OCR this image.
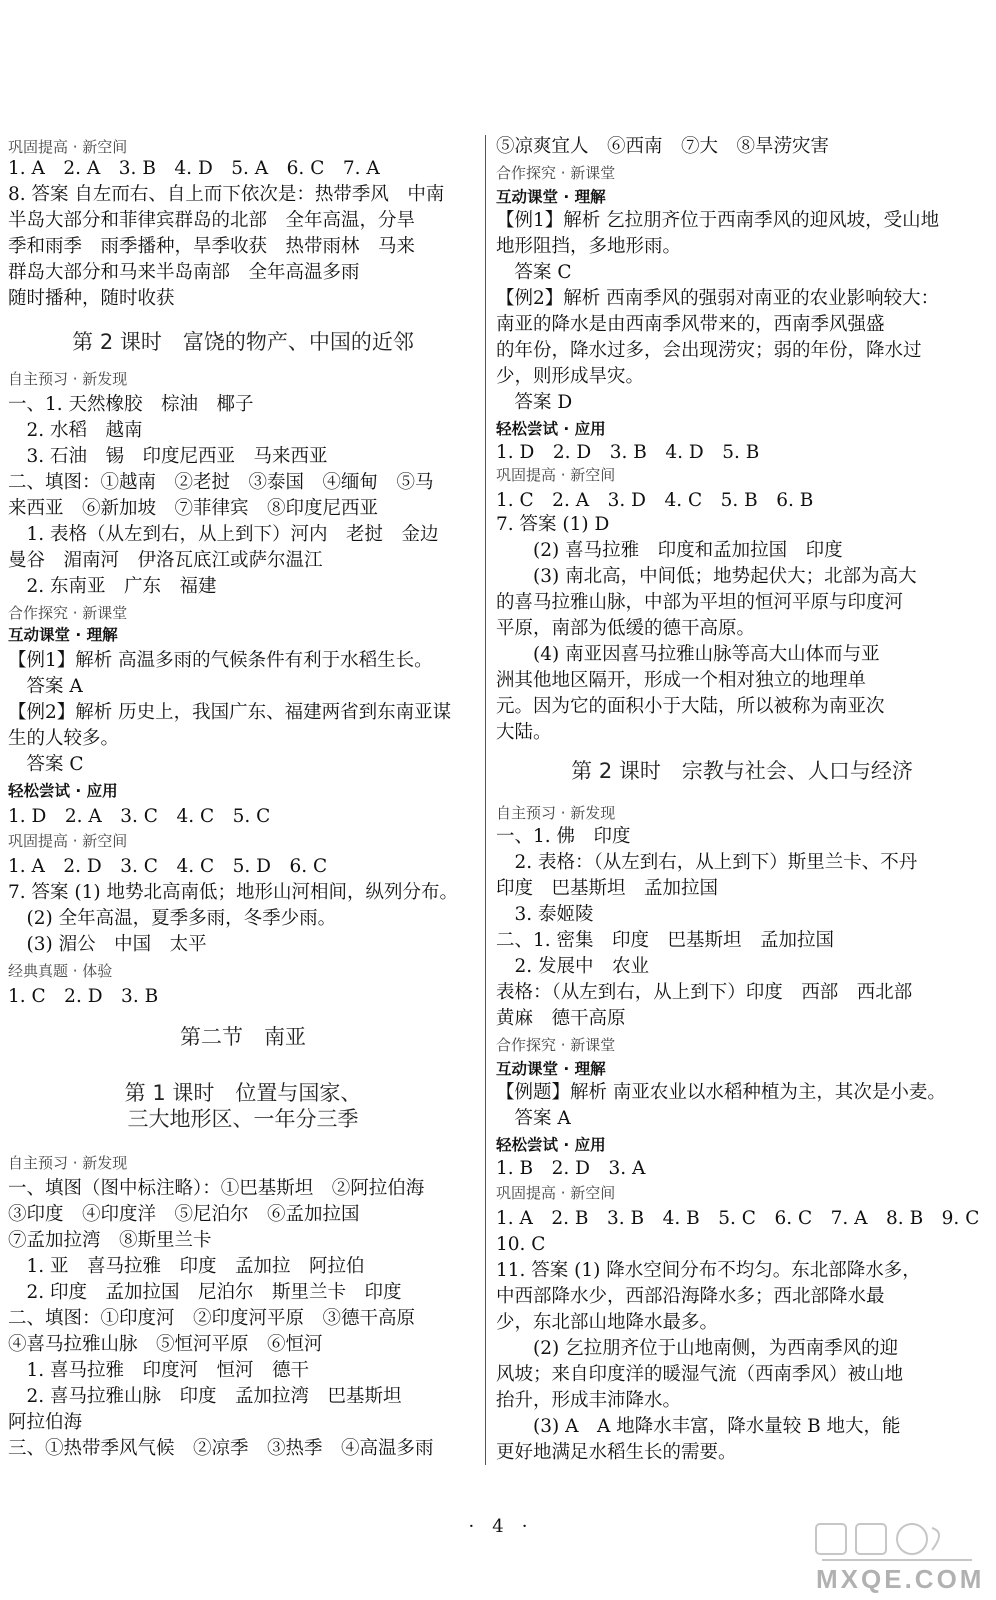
巩固提高 · 新空间
1. A　2. A　3. B　4. D　5. A　6. C　7. A
8. 答案 自左而右、自上而下依次是：热带季风　中南
半岛大部分和菲律宾群岛的北部　全年高温，分旱
季和雨季　雨季播种，旱季收获　热带雨林　马来
群岛大部分和马来半岛南部　全年高温多雨
随时播种，随时收获
第 2 课时　富饶的物产、中国的近邻
自主预习 · 新发现
一、1. 天然橡胶　棕油　椰子
　2. 水稻　越南
　3. 石油　锡　印度尼西亚　马来西亚
二、填图：①越南　②老挝　③泰国　④缅甸　⑤马
来西亚　⑥新加坡　⑦菲律宾　⑧印度尼西亚
　1. 表格（从左到右，从上到下）河内　老挝　金边
曼谷　湄南河　伊洛瓦底江或萨尔温江
　2. 东南亚　广东　福建
合作探究 · 新课堂
互动课堂 · 理解
【例1】解析 高温多雨的气候条件有利于水稻生长。
　答案 A
【例2】解析 历史上，我国广东、福建两省到东南亚谋
生的人较多。
　答案 C
轻松尝试 · 应用
1. D　2. A　3. C　4. C　5. C
巩固提高 · 新空间
1. A　2. D　3. C　4. C　5. D　6. C
7. 答案 (1) 地势北高南低；地形山河相间，纵列分布。
　(2) 全年高温，夏季多雨，冬季少雨。
　(3) 湄公　中国　太平
经典真题 · 体验
1. C　2. D　3. B
第二节　南亚
第 1 课时　位置与国家、
三大地形区、一年分三季
自主预习 · 新发现
一、填图（图中标注略）：①巴基斯坦　②阿拉伯海
③印度　④印度洋　⑤尼泊尔　⑥孟加拉国
⑦孟加拉湾　⑧斯里兰卡
　1. 亚　喜马拉雅　印度　孟加拉　阿拉伯
　2. 印度　孟加拉国　尼泊尔　斯里兰卡　印度
二、填图：①印度河　②印度河平原　③德干高原
④喜马拉雅山脉　⑤恒河平原　⑥恒河
　1. 喜马拉雅　印度河　恒河　德干
　2. 喜马拉雅山脉　印度　孟加拉湾　巴基斯坦
阿拉伯海
三、①热带季风气候　②凉季　③热季　④高温多雨
⑤凉爽宜人　⑥西南　⑦大　⑧旱涝灾害
合作探究 · 新课堂
互动课堂 · 理解
【例1】解析 乞拉朋齐位于西南季风的迎风坡，受山地
地形阻挡，多地形雨。
　答案 C
【例2】解析 西南季风的强弱对南亚的农业影响较大：
南亚的降水是由西南季风带来的，西南季风强盛
的年份，降水过多，会出现涝灾；弱的年份，降水过
少，则形成旱灾。
　答案 D
轻松尝试 · 应用
1. D　2. D　3. B　4. D　5. B
巩固提高 · 新空间
1. C　2. A　3. D　4. C　5. B　6. B
7. 答案 (1) D
　　(2) 喜马拉雅　印度和孟加拉国　印度
　　(3) 南北高，中间低；地势起伏大；北部为高大
的喜马拉雅山脉，中部为平坦的恒河平原与印度河
平原，南部为低缓的德干高原。
　　(4) 南亚因喜马拉雅山脉等高大山体而与亚
洲其他地区隔开，形成一个相对独立的地理单
元。因为它的面积小于大陆，所以被称为南亚次
大陆。
第 2 课时　宗教与社会、人口与经济
自主预习 · 新发现
一、1. 佛　印度
　2. 表格：（从左到右，从上到下）斯里兰卡、不丹
印度　巴基斯坦　孟加拉国
　3. 泰姬陵
二、1. 密集　印度　巴基斯坦　孟加拉国
　2. 发展中　农业
表格：（从左到右，从上到下）印度　西部　西北部
黄麻　德干高原
合作探究 · 新课堂
互动课堂 · 理解
【例题】解析 南亚农业以水稻种植为主，其次是小麦。
　答案 A
轻松尝试 · 应用
1. B　2. D　3. A
巩固提高 · 新空间
1. A　2. B　3. B　4. B　5. C　6. C　7. A　8. B　9. C
10. C
11. 答案 (1) 降水空间分布不均匀。东北部降水多，
中西部降水少，西部沿海降水多；西北部降水最
少，东北部山地降水最多。
　　(2) 乞拉朋齐位于山地南侧，为西南季风的迎
风坡；来自印度洋的暖湿气流（西南季风）被山地
抬升，形成丰沛降水。
　　(3) A　A 地降水丰富，降水量较 B 地大，能
更好地满足水稻生长的需要。
·　4　·
MXQE.COM
